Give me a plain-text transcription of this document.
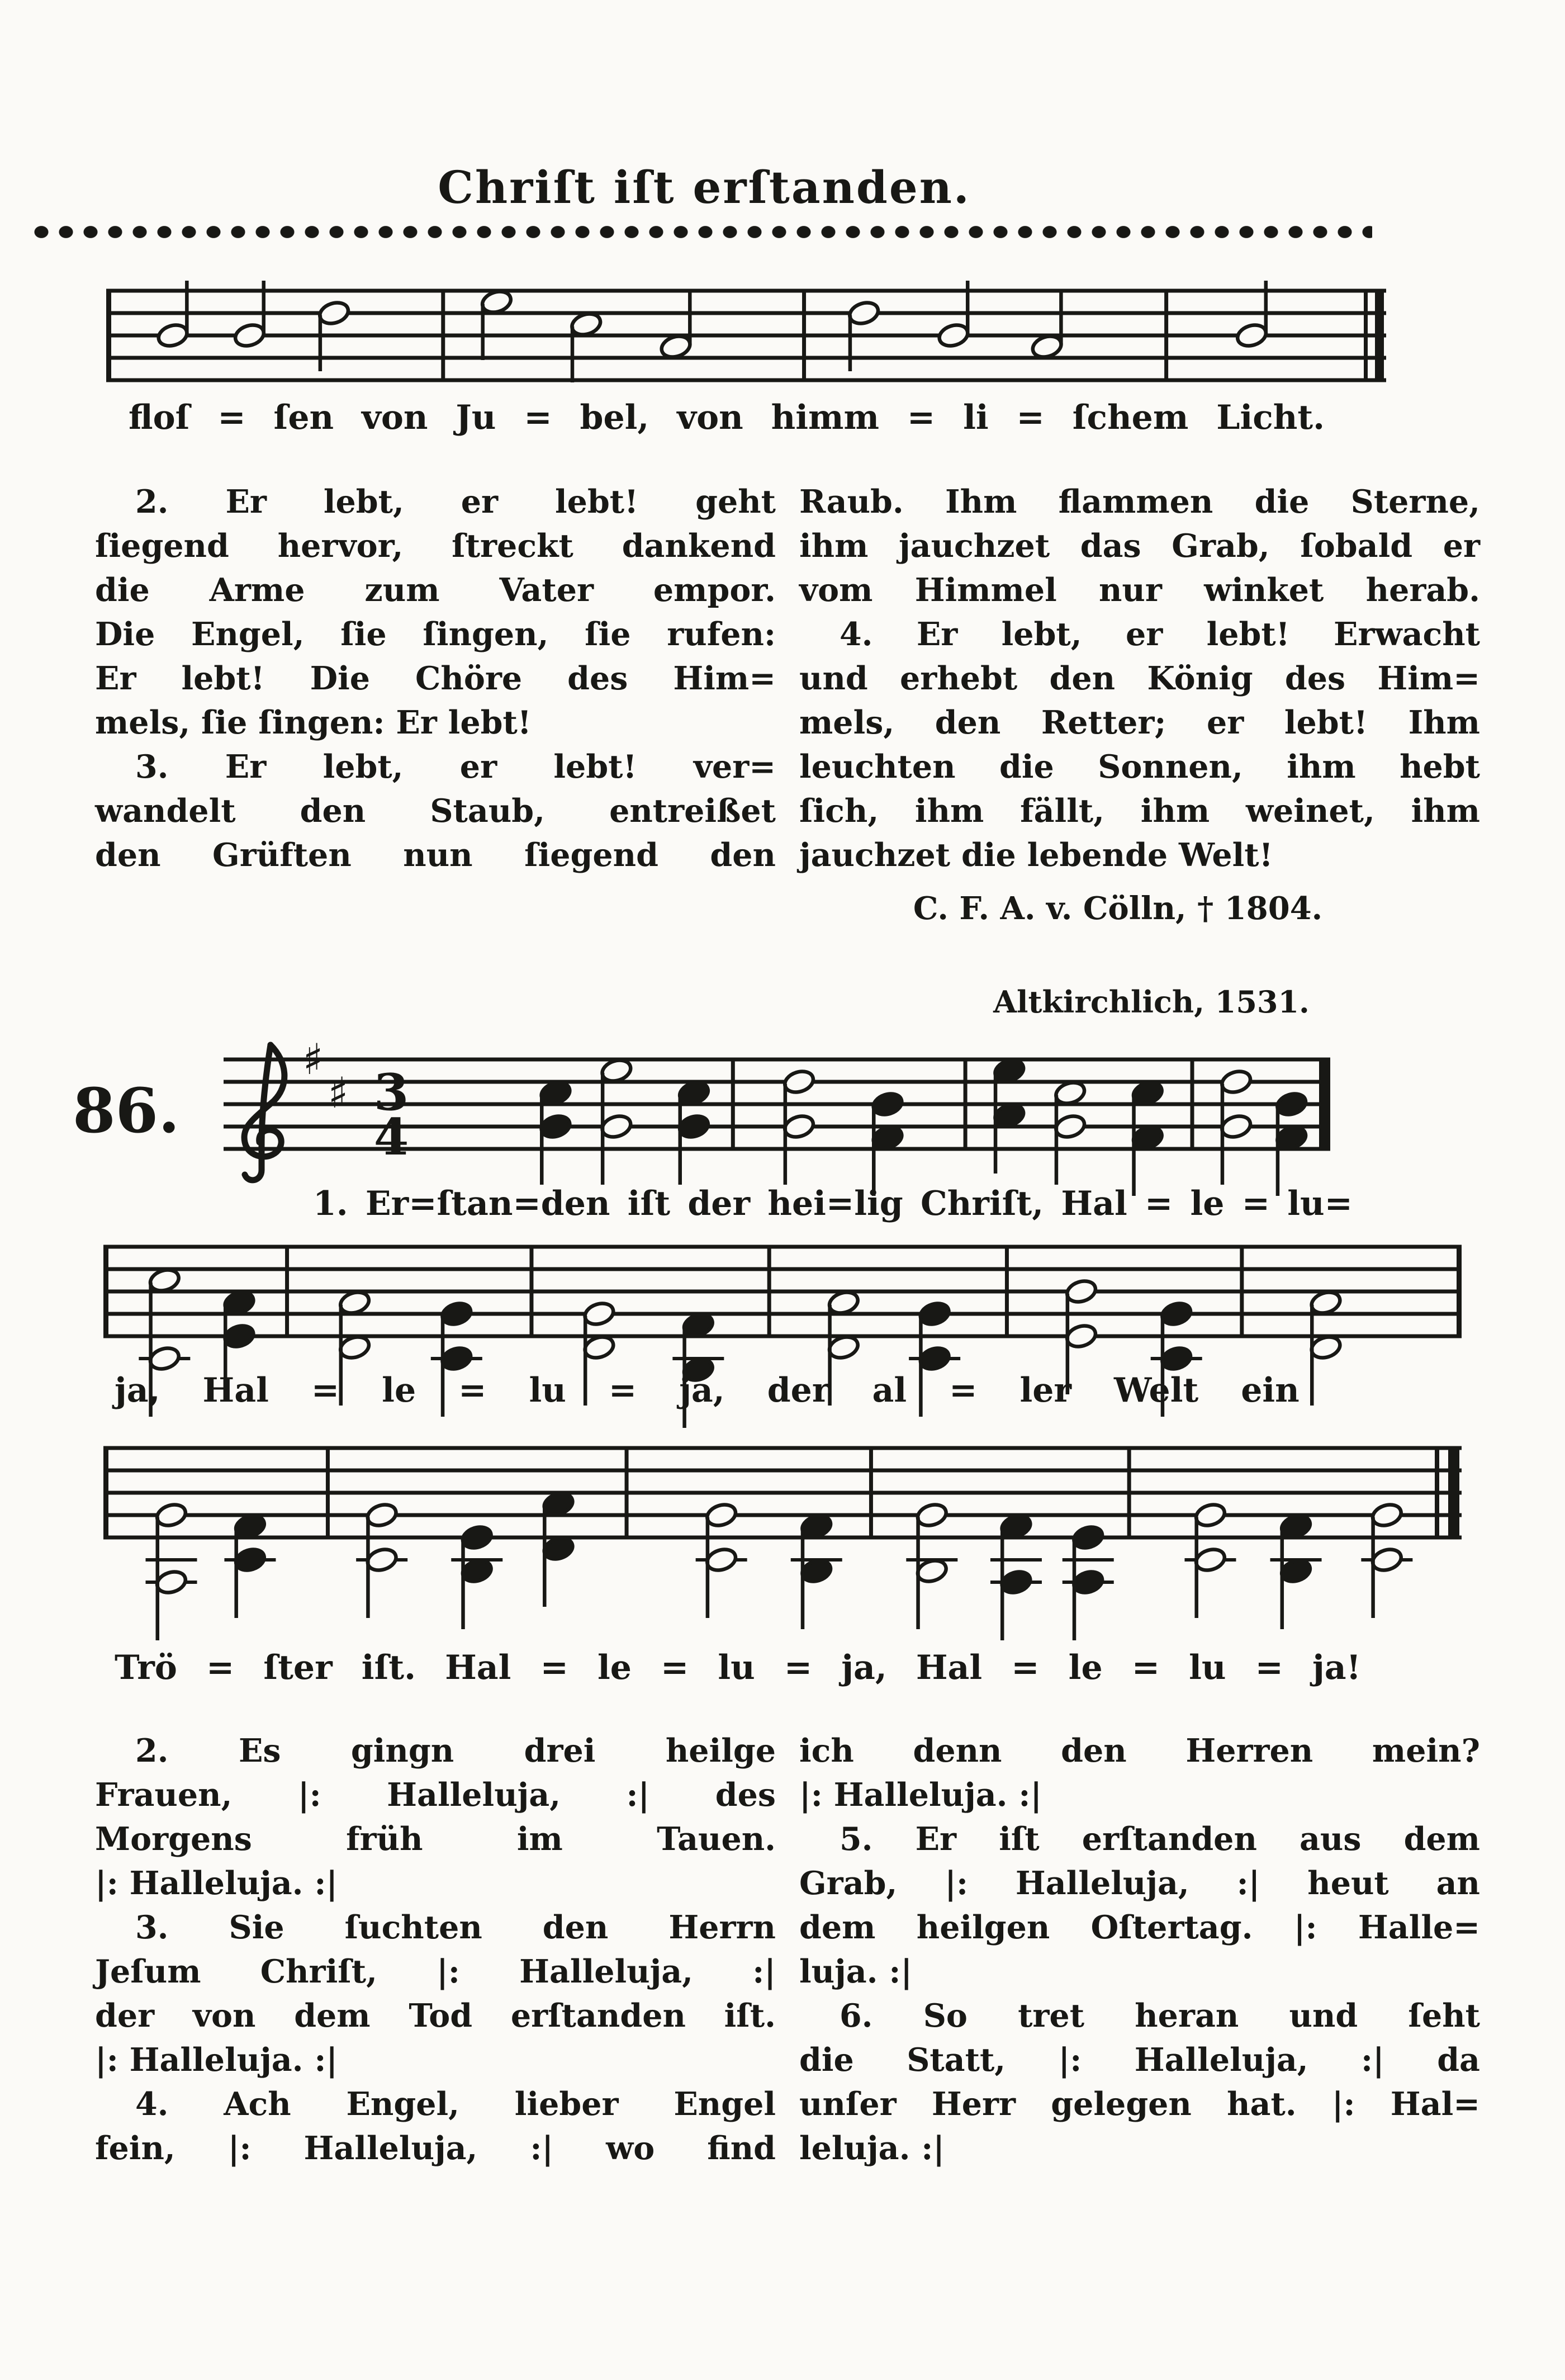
Chriſt iſt erſtanden.
floſ = ſen von Ju = bel, von himm = li = ſchem Licht.
2. Er lebt, er lebt! geht
ſiegend hervor, ſtreckt dankend
die Arme zum Vater empor.
Die Engel, ſie ſingen, ſie rufen:
Er lebt! Die Chöre des Him=
mels, ſie ſingen: Er lebt!
3. Er lebt, er lebt! ver=
wandelt den Staub, entreißet
den Grüften nun ſiegend den
Raub. Ihm flammen die Sterne,
ihm jauchzet das Grab, ſobald er
vom Himmel nur winket herab.
4. Er lebt, er lebt! Erwacht
und erhebt den König des Him=
mels, den Retter; er lebt! Ihm
leuchten die Sonnen, ihm hebt
ſich, ihm fällt, ihm weinet, ihm
jauchzet die lebende Welt!
C. F. A. v. Cölln, † 1804.
Altkirchlich, 1531.
86.
♯
♯ 3
4
1. Er=ſtan=den iſt der hei=lig Chriſt, Hal = le = lu=
ja, Hal = le = lu = ja, der al = ler Welt ein
Trö = ſter iſt. Hal = le = lu = ja, Hal = le = lu = ja!
2. Es gingn drei heilge
Frauen, |: Halleluja, :| des
Morgens früh im Tauen.
|: Halleluja. :|
3. Sie ſuchten den Herrn
Jeſum Chriſt, |: Halleluja, :|
der von dem Tod erſtanden iſt.
|: Halleluja. :|
4. Ach Engel, lieber Engel
fein, |: Halleluja, :| wo find
ich denn den Herren mein?
|: Halleluja. :|
5. Er iſt erſtanden aus dem
Grab, |: Halleluja, :| heut an
dem heilgen Oſtertag. |: Halle=
luja. :|
6. So tret heran und ſeht
die Statt, |: Halleluja, :| da
unſer Herr gelegen hat. |: Hal=
leluja. :|
